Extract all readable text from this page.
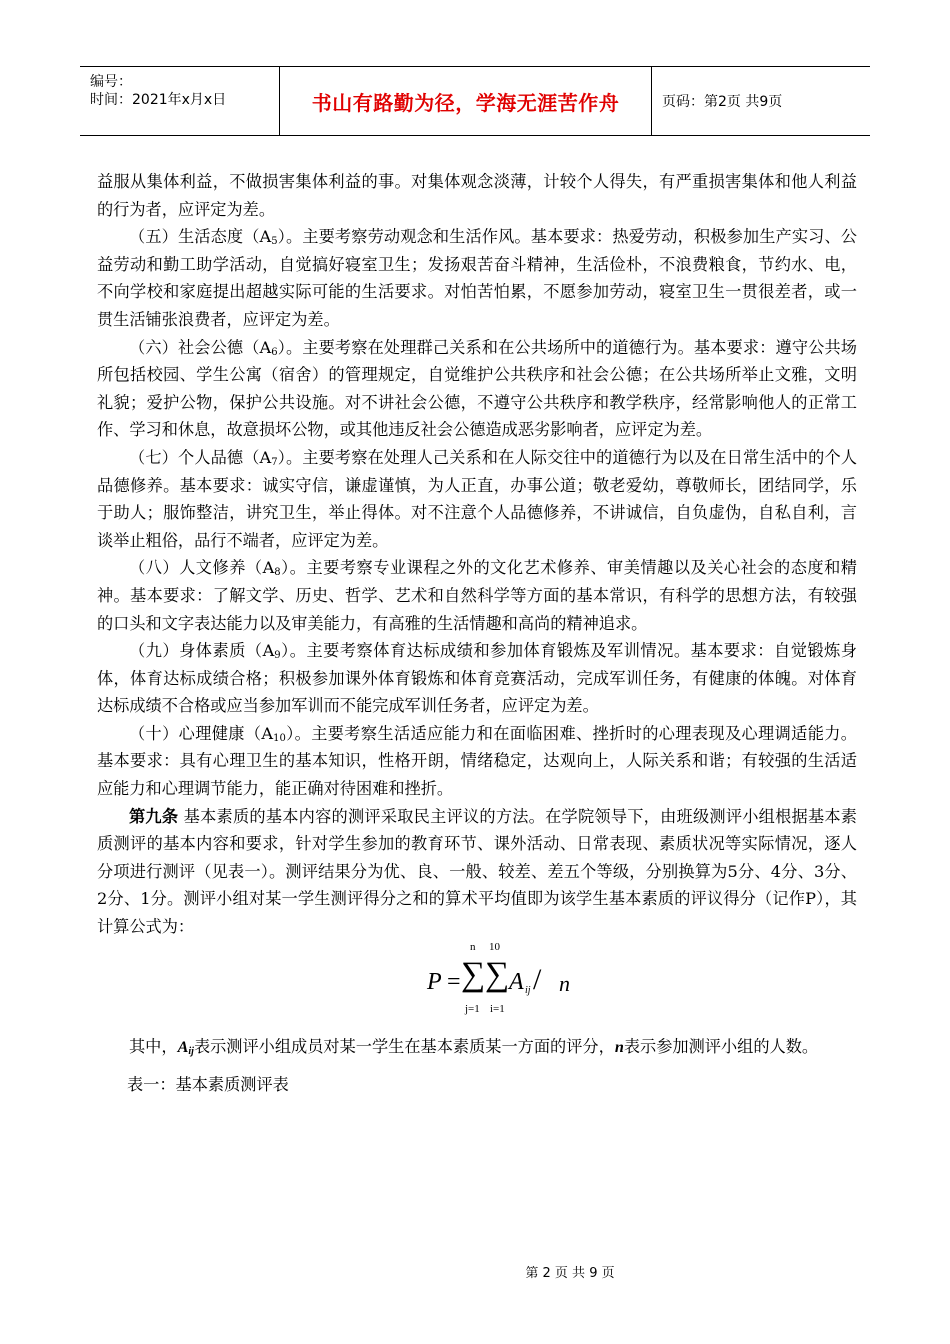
编号：
时间：2021年x月x日	书山有路勤为径，学海无涯苦作舟	页码：第2页 共9页

益服从集体利益，不做损害集体利益的事。对集体观念淡薄，计较个人得失，有严重损害集体和他人利益的行为者，应评定为差。

（五）生活态度$(A_5)$。主要考察劳动观念和生活作风。基本要求：热爱劳动，积极参加生产实习、公益劳动和勤工助学活动，自觉搞好寝室卫生；发扬艰苦奋斗精神，生活俭朴，不浪费粮食，节约水、电，不向学校和家庭提出超越实际可能的生活要求。对怕苦怕累，不愿参加劳动，寝室卫生一贯很差者，或一贯生活铺张浪费者，应评定为差。

（六）社会公德$(A_6)$。主要考察在处理群己关系和在公共场所中的道德行为。基本要求：遵守公共场所包括校园、学生公寓（宿舍）的管理规定，自觉维护公共秩序和社会公德；在公共场所举止文雅，文明礼貌；爱护公物，保护公共设施。对不讲社会公德，不遵守公共秩序和教学秩序，经常影响他人的正常工作、学习和休息，故意损坏公物，或其他违反社会公德造成恶劣影响者，应评定为差。

（七）个人品德$(A_7)$。主要考察在处理人己关系和在人际交往中的道德行为以及在日常生活中的个人品德修养。基本要求：诚实守信，谦虚谨慎，为人正直，办事公道；敬老爱幼，尊敬师长，团结同学，乐于助人；服饰整洁，讲究卫生，举止得体。对不注意个人品德修养，不讲诚信，自负虚伪，自私自利，言谈举止粗俗，品行不端者，应评定为差。

（八）人文修养$(A_8)$。主要考察专业课程之外的文化艺术修养、审美情趣以及关心社会的态度和精神。基本要求：了解文学、历史、哲学、艺术和自然科学等方面的基本常识，有科学的思想方法，有较强的口头和文字表达能力以及审美能力，有高雅的生活情趣和高尚的精神追求。

（九）身体素质$(A_9)$。主要考察体育达标成绩和参加体育锻炼及军训情况。基本要求：自觉锻炼身体，体育达标成绩合格；积极参加课外体育锻炼和体育竞赛活动，完成军训任务，有健康的体魄。对体育达标成绩不合格或应当参加军训而不能完成军训任务者，应评定为差。

（十）心理健康$(A_{10})$。主要考察生活适应能力和在面临困难、挫折时的心理表现及心理调适能力。基本要求：具有心理卫生的基本知识，性格开朗，情绪稳定，达观向上，人际关系和谐；有较强的生活适应能力和心理调节能力，能正确对待困难和挫折。

第九条 基本素质的基本内容的测评采取民主评议的方法。在学院领导下，由班级测评小组根据基本素质测评的基本内容和要求，针对学生参加的教育环节、课外活动、日常表现、素质状况等实际情况，逐人分项进行测评（见表一）。测评结果分为优、良、一般、较差、差五个等级，分别换算为5分、4分、3分、2分、1分。测评小组对某一学生测评得分之和的算术平均值即为该学生基本素质的评议得分（记作P），其计算公式为：

P =
n
∑
j=1
10
∑
i=1
A ij / n

其中，$A_{ij}$表示测评小组成员对某一学生在基本素质某一方面的评分，n表示参加测评小组的人数。

表一：基本素质测评表

第 2 页 共 9 页
